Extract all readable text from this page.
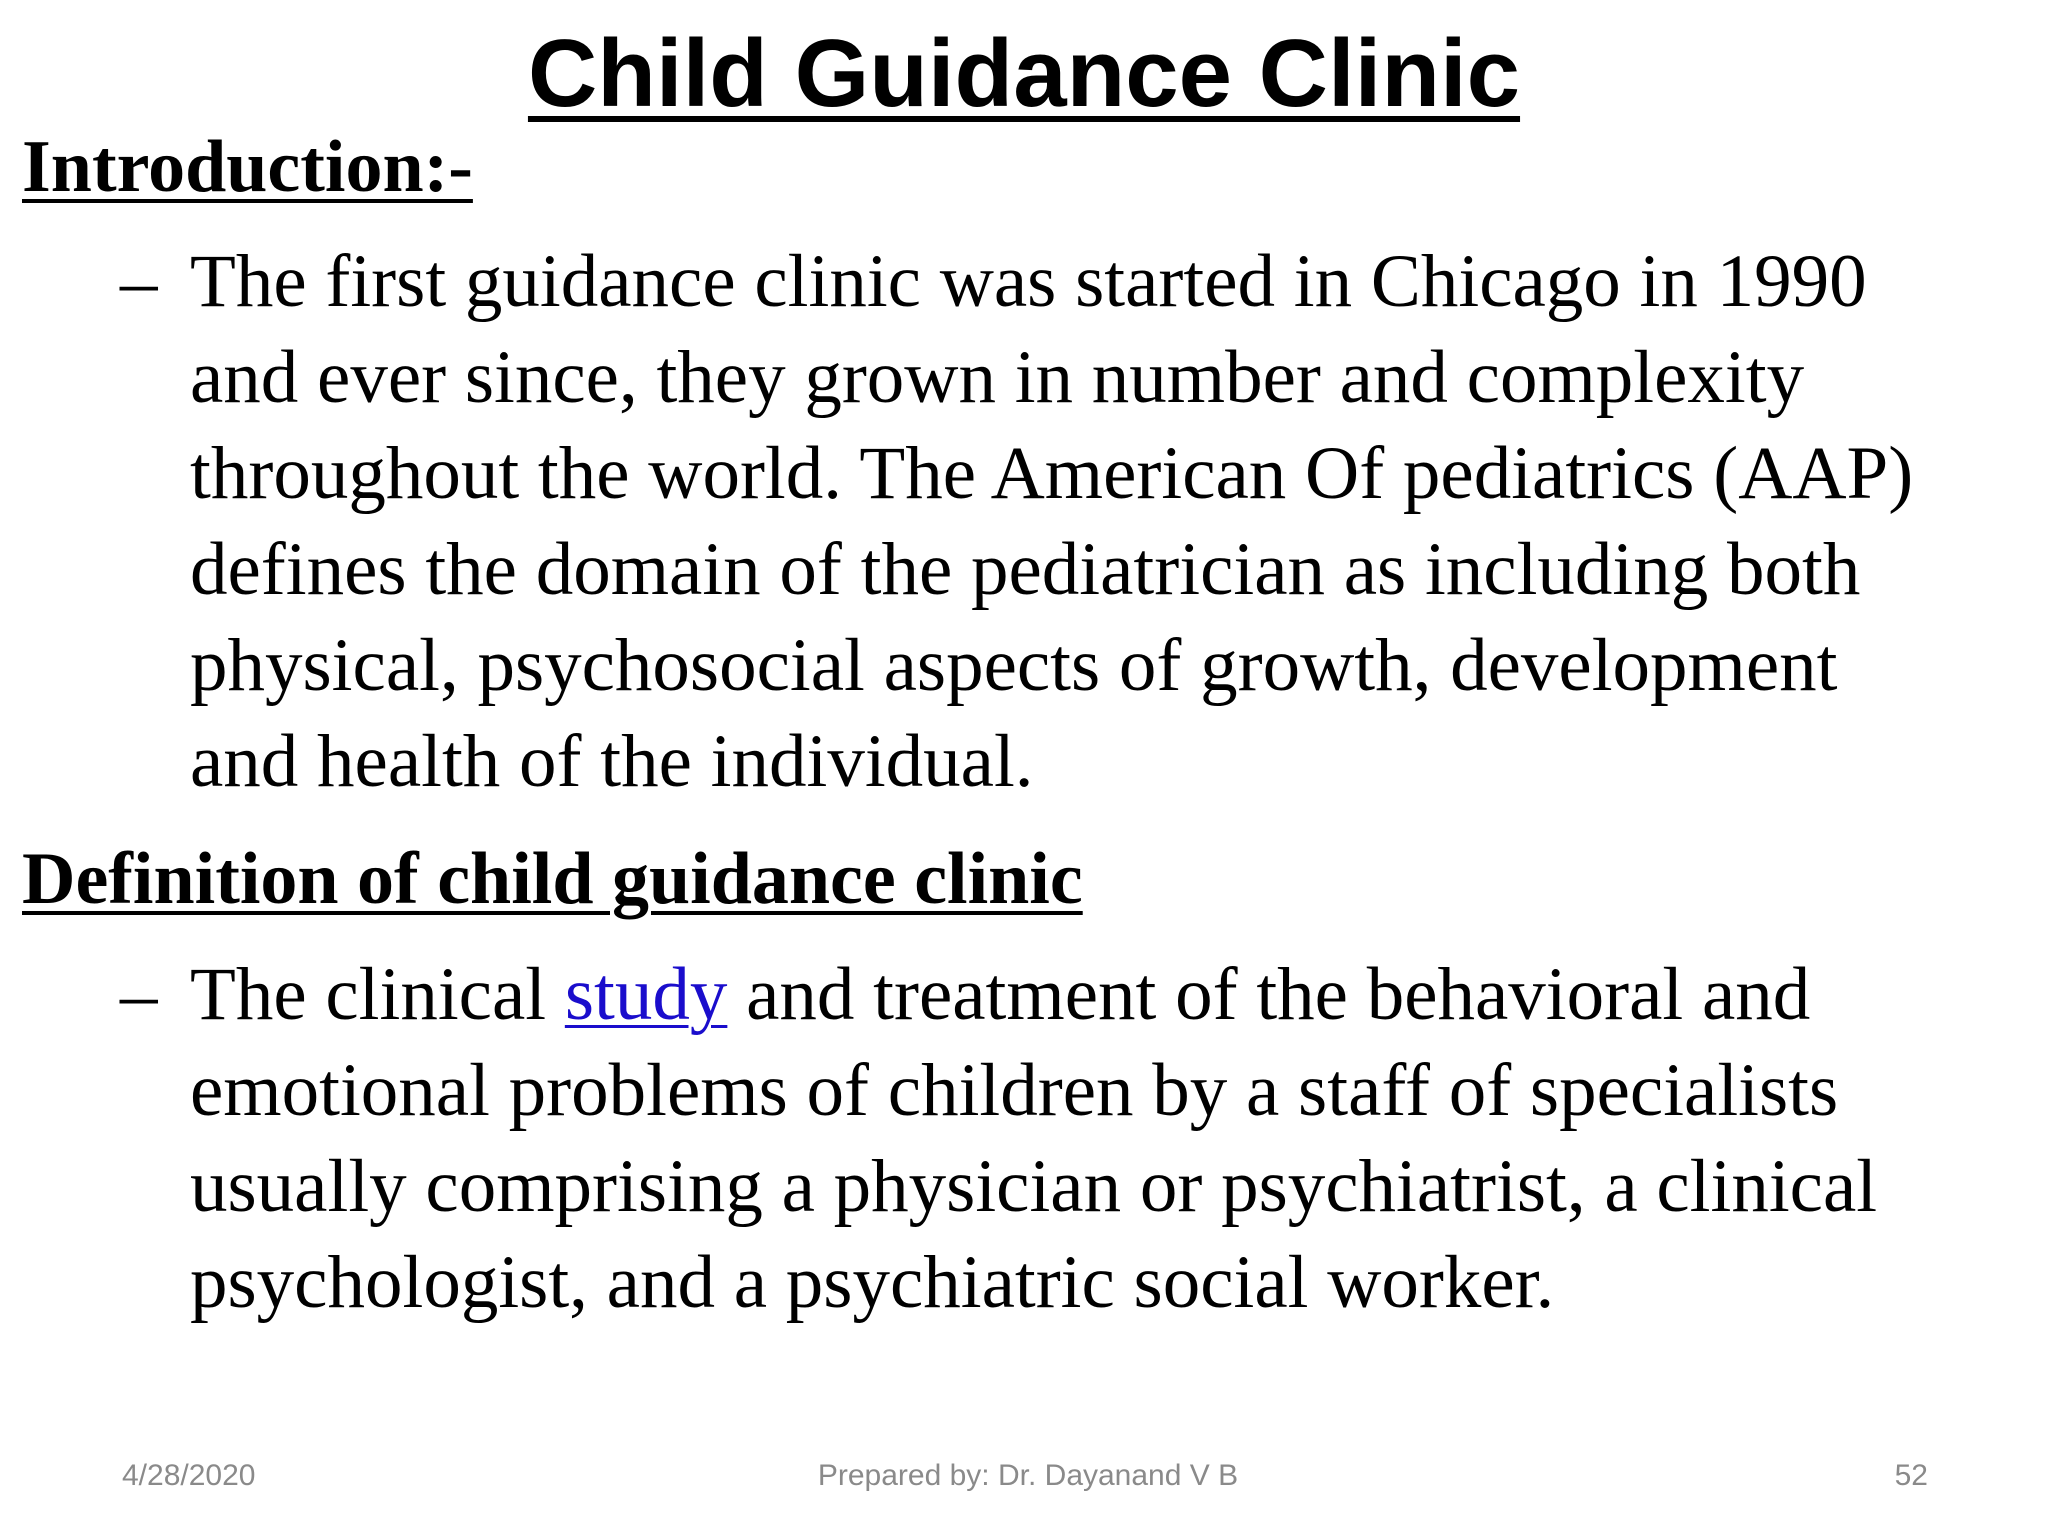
Child Guidance Clinic
Introduction:-
– The first guidance clinic was started in Chicago in 1990
and ever since, they grown in number and complexity
throughout the world. The American Of pediatrics (AAP)
defines the domain of the pediatrician as including both
physical, psychosocial aspects of growth, development
and health of the individual.
Definition of child guidance clinic
– The clinical study and treatment of the behavioral and
emotional problems of children by a staff of specialists
usually comprising a physician or psychiatrist, a clinical
psychologist, and a psychiatric social worker.
4/28/2020	Prepared by: Dr. Dayanand V B	52
